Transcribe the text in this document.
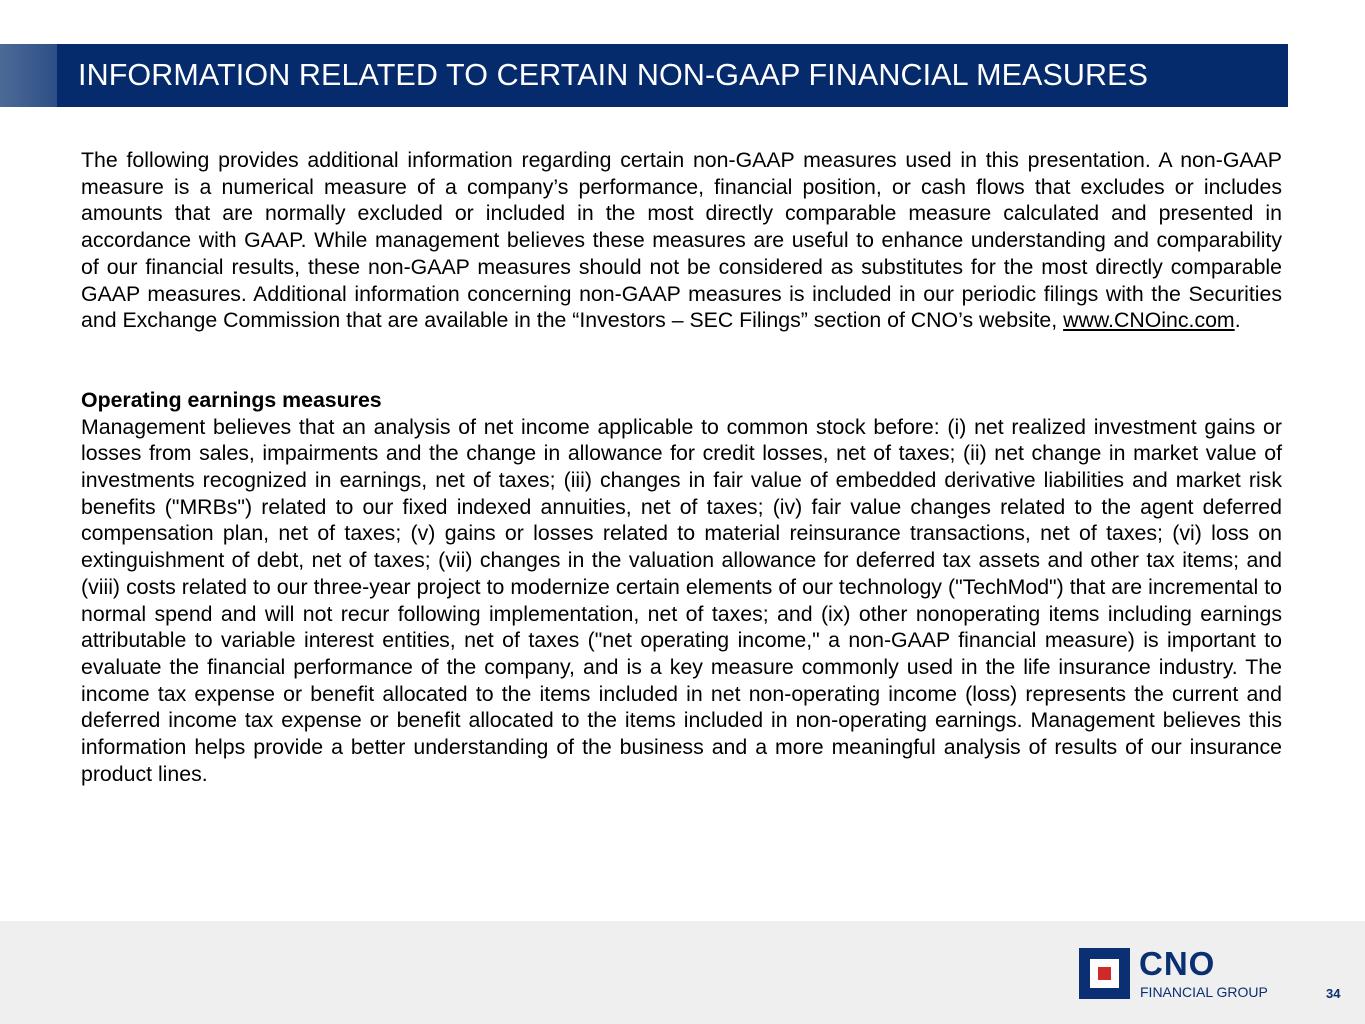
INFORMATION RELATED TO CERTAIN NON-GAAP FINANCIAL MEASURES

The following provides additional information regarding certain non-GAAP measures used in this presentation. A non-GAAP measure is a numerical measure of a company’s performance, financial position, or cash flows that excludes or includes amounts that are normally excluded or included in the most directly comparable measure calculated and presented in accordance with GAAP. While management believes these measures are useful to enhance understanding and comparability of our financial results, these non-GAAP measures should not be considered as substitutes for the most directly comparable GAAP measures. Additional information concerning non-GAAP measures is included in our periodic filings with the Securities and Exchange Commission that are available in the “Investors – SEC Filings” section of CNO’s website, www.CNOinc.com.

Operating earnings measures

Management believes that an analysis of net income applicable to common stock before: (i) net realized investment gains or losses from sales, impairments and the change in allowance for credit losses, net of taxes; (ii) net change in market value of investments recognized in earnings, net of taxes; (iii) changes in fair value of embedded derivative liabilities and market risk benefits ("MRBs") related to our fixed indexed annuities, net of taxes; (iv) fair value changes related to the agent deferred compensation plan, net of taxes; (v) gains or losses related to material reinsurance transactions, net of taxes; (vi) loss on extinguishment of debt, net of taxes; (vii) changes in the valuation allowance for deferred tax assets and other tax items; and (viii) costs related to our three-year project to modernize certain elements of our technology ("TechMod") that are incremental to normal spend and will not recur following implementation, net of taxes; and (ix) other nonoperating items including earnings attributable to variable interest entities, net of taxes ("net operating income," a non-GAAP financial measure) is important to evaluate the financial performance of the company, and is a key measure commonly used in the life insurance industry. The income tax expense or benefit allocated to the items included in net non-operating income (loss) represents the current and deferred income tax expense or benefit allocated to the items included in non-operating earnings. Management believes this information helps provide a better understanding of the business and a more meaningful analysis of results of our insurance product lines.

CNO
FINANCIAL GROUP	34
